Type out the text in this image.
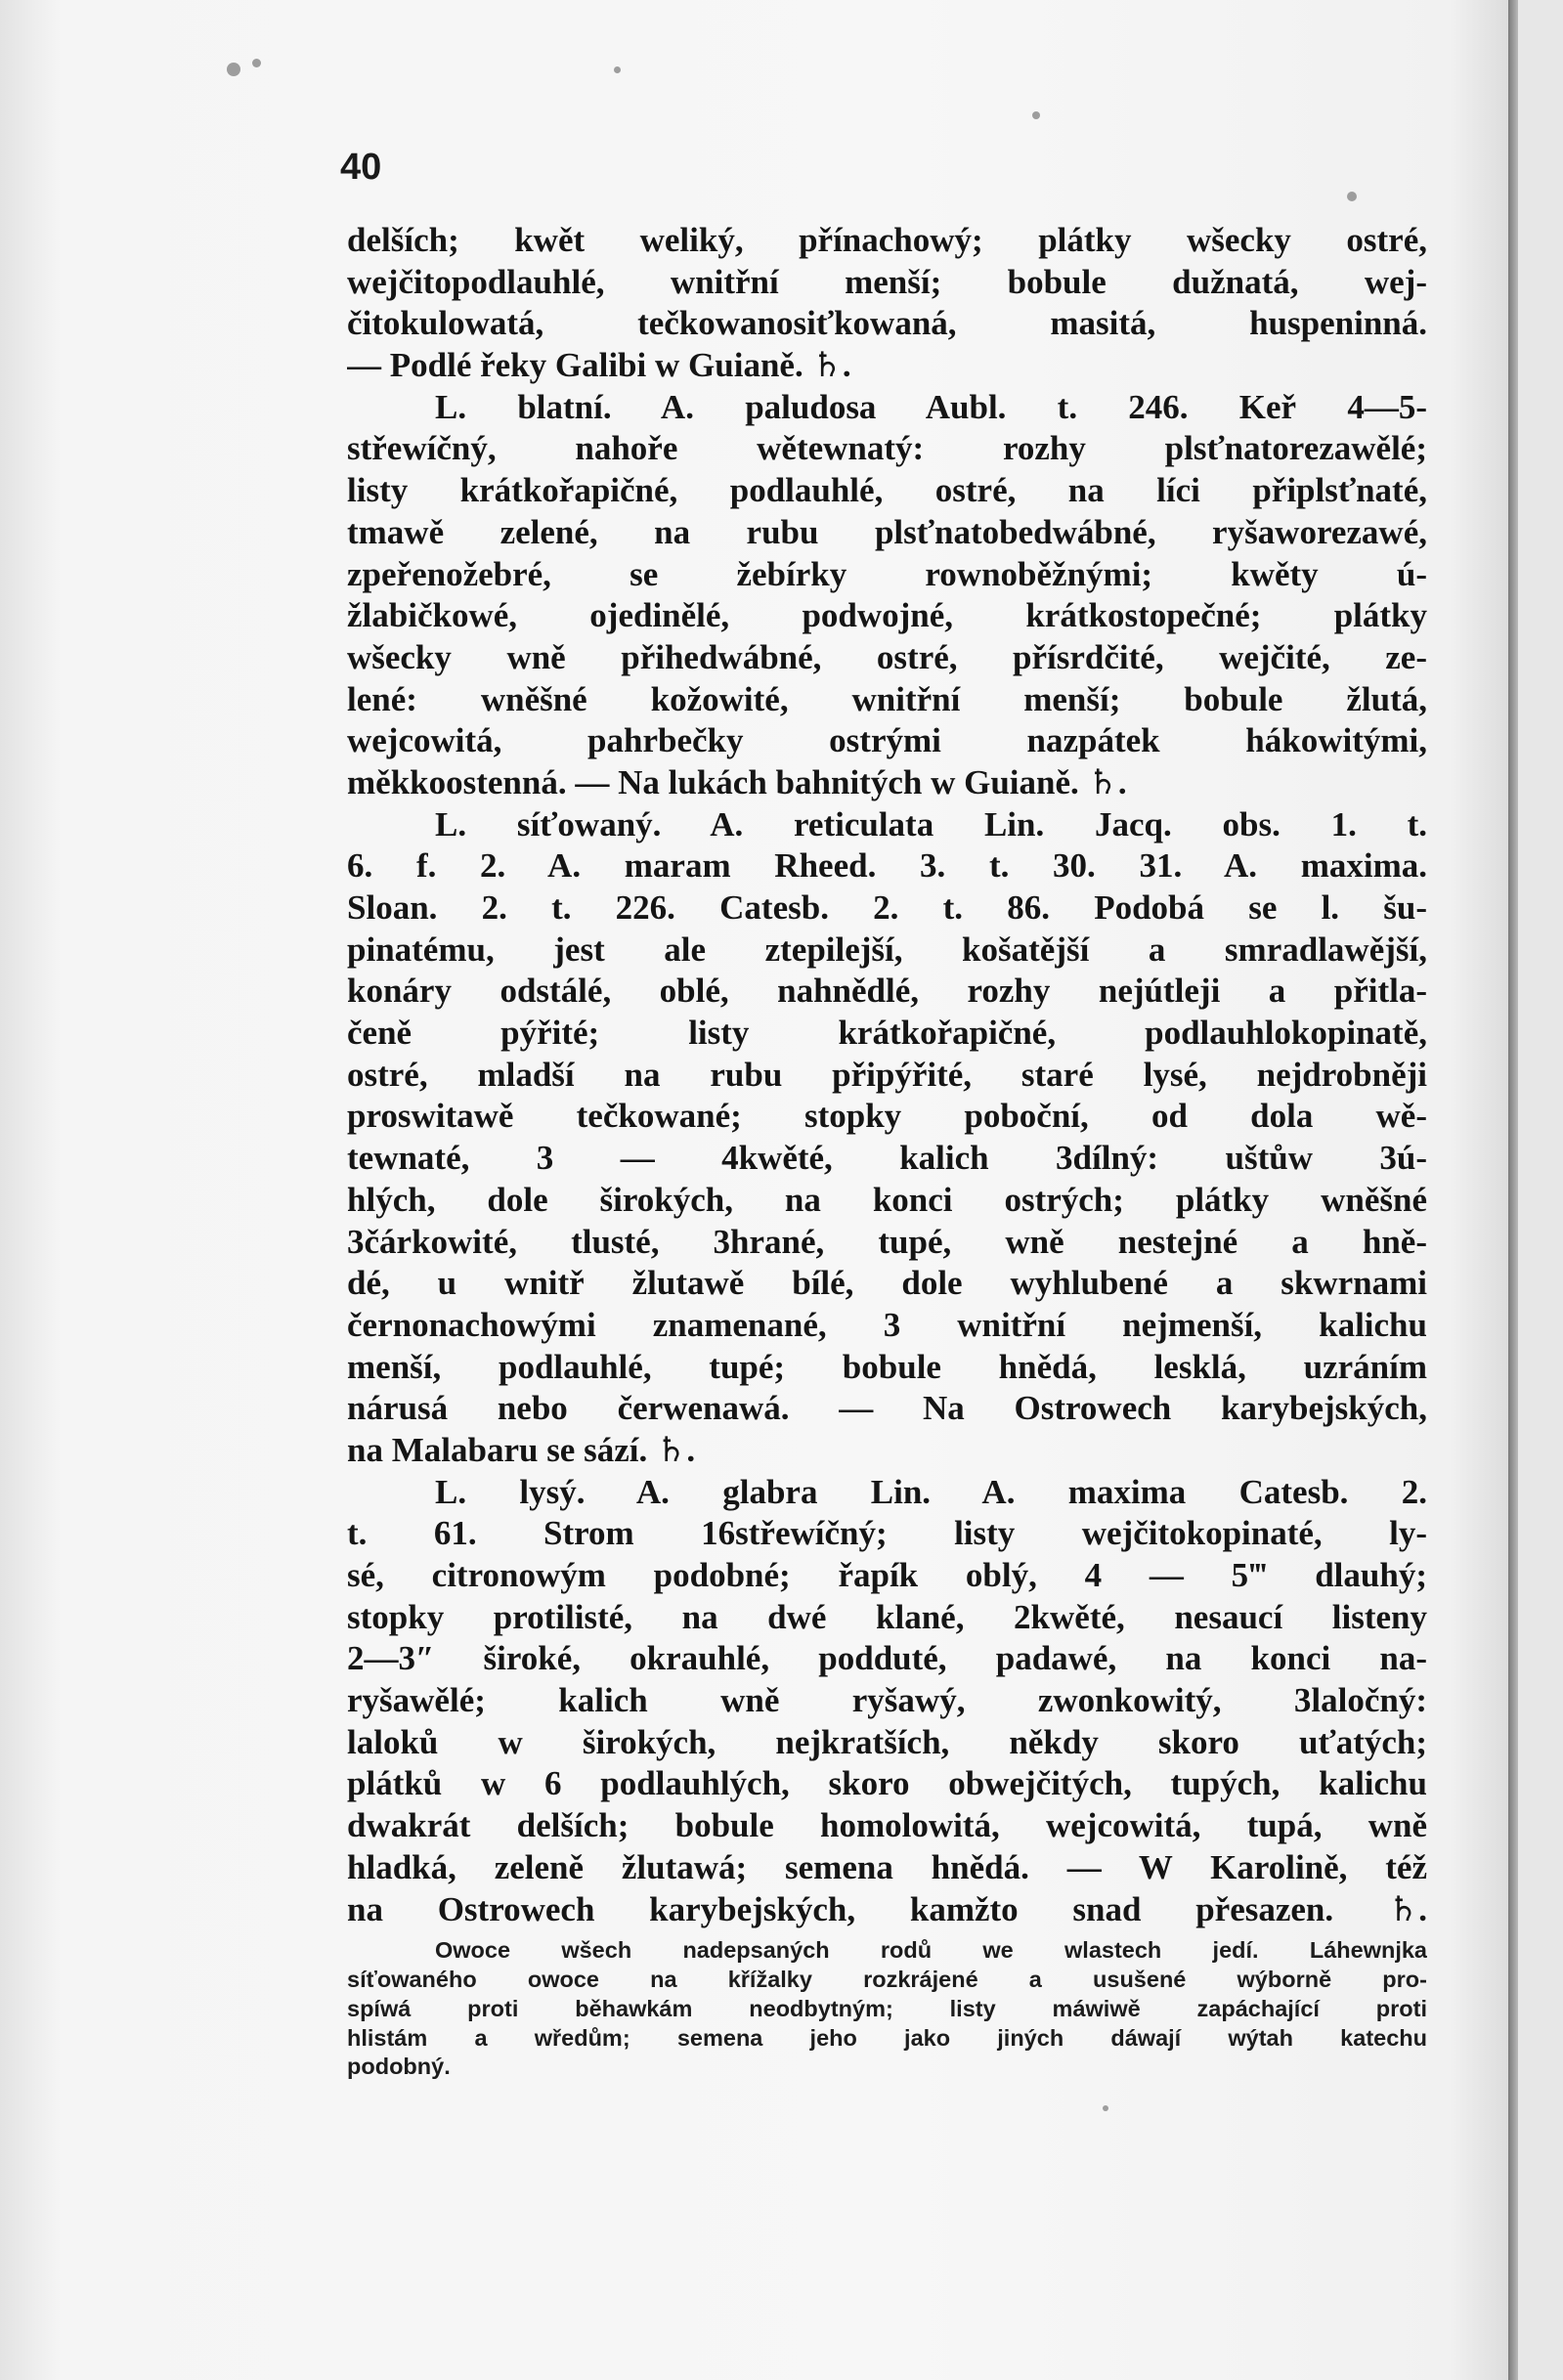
40
delších; kwět weliký, přínachowý; plátky wšecky ostré,
wejčitopodlauhlé, wnitřní menší; bobule dužnatá, wej-
čitokulowatá, tečkowanosiťkowaná, masitá, huspeninná.
— Podlé řeky Galibi w Guianě. ♄.
L. blatní. A. paludosa Aubl. t. 246. Keř 4—5-
střewíčný, nahoře wětewnatý: rozhy plsťnatorezawělé;
listy krátkořapičné, podlauhlé, ostré, na líci připlsťnaté,
tmawě zelené, na rubu plsťnatobedwábné, ryšaworezawé,
zpeřenožebré, se žebírky rownoběžnými; kwěty ú-
žlabičkowé, ojedinělé, podwojné, krátkostopečné; plátky
wšecky wně přihedwábné, ostré, přísrdčité, wejčité, ze-
lené: wněšné kožowité, wnitřní menší; bobule žlutá,
wejcowitá, pahrbečky ostrými nazpátek hákowitými,
měkkoostenná. — Na lukách bahnitých w Guianě. ♄.
L. síťowaný. A. reticulata Lin. Jacq. obs. 1. t.
6. f. 2. A. maram Rheed. 3. t. 30. 31. A. maxima.
Sloan. 2. t. 226. Catesb. 2. t. 86. Podobá se l. šu-
pinatému, jest ale ztepilejší, košatější a smradlawější,
konáry odstálé, oblé, nahnědlé, rozhy nejútleji a přitla-
čeně pýřité; listy krátkořapičné, podlauhlokopinatě,
ostré, mladší na rubu připýřité, staré lysé, nejdrobněji
proswitawě tečkowané; stopky poboční, od dola wě-
tewnaté, 3 — 4kwěté, kalich 3dílný: uštůw 3ú-
hlých, dole širokých, na konci ostrých; plátky wněšné
3čárkowité, tlusté, 3hrané, tupé, wně nestejné a hně-
dé, u wnitř žlutawě bílé, dole wyhlubené a skwrnami
černonachowými znamenané, 3 wnitřní nejmenší, kalichu
menší, podlauhlé, tupé; bobule hnědá, lesklá, uzráním
nárusá nebo čerwenawá. — Na Ostrowech karybejských,
na Malabaru se sází. ♄.
L. lysý. A. glabra Lin. A. maxima Catesb. 2.
t. 61. Strom 16střewíčný; listy wejčitokopinaté, ly-
sé, citronowým podobné; řapík oblý, 4 — 5‴ dlauhý;
stopky protilisté, na dwé klané, 2kwěté, nesaucí listeny
2—3″ široké, okrauhlé, podduté, padawé, na konci na-
ryšawělé; kalich wně ryšawý, zwonkowitý, 3laločný:
laloků w širokých, nejkratších, někdy skoro uťatých;
plátků w 6 podlauhlých, skoro obwejčitých, tupých, kalichu
dwakrát delších; bobule homolowitá, wejcowitá, tupá, wně
hladká, zeleně žlutawá; semena hnědá. — W Karolině, též
na Ostrowech karybejských, kamžto snad přesazen. ♄.
Owoce wšech nadepsaných rodů we wlastech jedí. Láhewnjka
síťowaného owoce na křížalky rozkrájené a usušené wýborně pro-
spíwá proti běhawkám neodbytným; listy máwiwě zapáchající proti
hlistám a wředům; semena jeho jako jiných dáwají wýtah katechu
podobný.
